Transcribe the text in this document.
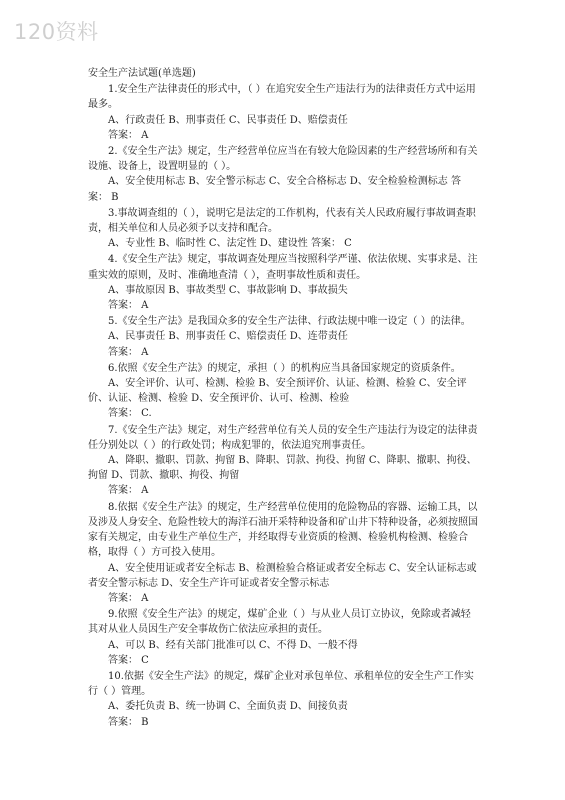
120资料
安全生产法试题(单选题)

1.安全生产法律责任的形式中，（ ）在追究安全生产违法行为的法律责任方式中运用最多。

A、行政责任 B、刑事责任 C、民事责任 D、赔偿责任

答案： A

2.《安全生产法》规定，生产经营单位应当在有较大危险因素的生产经营场所和有关设施、设备上，设置明显的（ ）。

A、安全使用标志 B、安全警示标志 C、安全合格标志 D、安全检验检测标志 答案： B

3.事故调查组的（ ），说明它是法定的工作机构，代表有关人民政府履行事故调查职责，相关单位和人员必须予以支持和配合。

A、专业性 B、临时性 C、法定性 D、建设性 答案： C

4.《安全生产法》规定，事故调查处理应当按照科学严谨、依法依规、实事求是、注重实效的原则，及时、准确地查清（ ），查明事故性质和责任。

A、事故原因 B、事故类型 C、事故影响 D、事故损失

答案： A

5.《安全生产法》是我国众多的安全生产法律、行政法规中唯一设定（ ）的法律。

A、民事责任 B、刑事责任 C、赔偿责任 D、连带责任

答案： A

6.依照《安全生产法》的规定，承担（ ）的机构应当具备国家规定的资质条件。

A、安全评价、认可、检测、检验 B、安全预评价、认证、检测、检验 C、安全评价、认证、检测、检验 D、安全预评价、认可、检测、检验

答案： C.

7.《安全生产法》规定，对生产经营单位有关人员的安全生产违法行为设定的法律责任分别处以（ ）的行政处罚；构成犯罪的，依法追究刑事责任。

A、降职、撤职、罚款、拘留 B、降职、罚款、拘役、拘留 C、降职、撤职、拘役、拘留 D、罚款、撤职、拘役、拘留

答案： A

8.依据《安全生产法》的规定，生产经营单位使用的危险物品的容器、运输工具，以及涉及人身安全、危险性较大的海洋石油开采特种设备和矿山井下特种设备，必须按照国家有关规定，由专业生产单位生产，并经取得专业资质的检测、检验机构检测、检验合格，取得（ ）方可投入使用。

A、安全使用证或者安全标志 B、检测检验合格证或者安全标志 C、安全认证标志或者安全警示标志 D、安全生产许可证或者安全警示标志

答案： A

9.依照《安全生产法》的规定，煤矿企业（ ）与从业人员订立协议，免除或者减轻其对从业人员因生产安全事故伤亡依法应承担的责任。

A、可以 B、经有关部门批准可以 C、不得 D、一般不得

答案： C

10.依据《安全生产法》的规定，煤矿企业对承包单位、承租单位的安全生产工作实行（ ）管理。

A、委托负责 B、统一协调 C、全面负责 D、间接负责

答案： B
